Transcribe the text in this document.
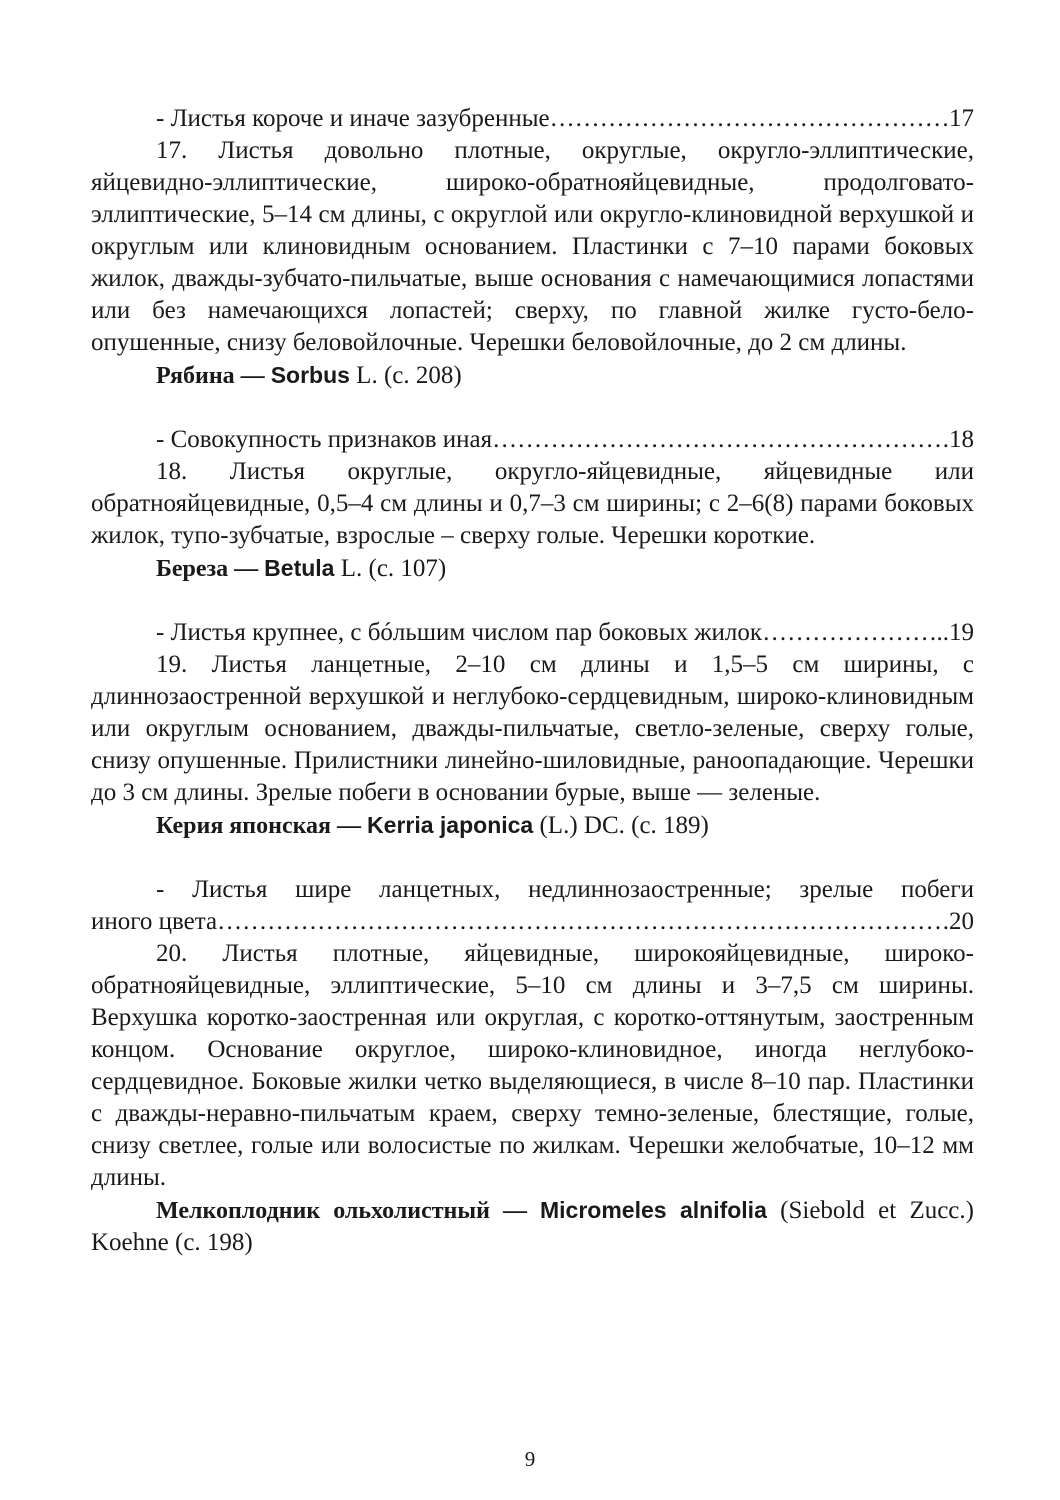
- Листья короче и иначе зазубренные …………………………………………………………………………………………………………	17

17. Листья довольно плотные, округлые, округло-эллиптические, яйцевидно-эллиптические, широко-обратнояйцевидные, продолговато-эллиптические, 5–14 см длины, с округлой или округло-клиновидной верхушкой и округлым или клиновидным основанием. Пластинки с 7–10 парами боковых жилок, дважды-зубчато-пильчатые, выше основания с намечающимися лопастями или без намечающихся лопастей; сверху, по главной жилке густо-бело-опушенные, снизу беловойлочные. Черешки беловойлочные, до 2 см длины.

Рябина — Sorbus L. (с. 208)

- Совокупность признаков иная …………………………………………………………………………………………………………	.18

18. Листья округлые, округло-яйцевидные, яйцевидные или обратнояйцевидные, 0,5–4 см длины и 0,7–3 см ширины; с 2–6(8) парами боковых жилок, тупо-зубчатые, взрослые – сверху голые. Черешки короткие.

Береза — Betula L. (с. 107)

- Листья крупнее, с бóльшим числом пар боковых жилок …………………………………………………………………………………………………………	..19

19. Листья ланцетные, 2–10 см длины и 1,5–5 см ширины, с длиннозаостренной верхушкой и неглубоко-сердцевидным, широко-клиновидным или округлым основанием, дважды-пильчатые, светло-зеленые, сверху голые, снизу опушенные. Прилистники линейно-шиловидные, раноопадающие. Черешки до 3 см длины. Зрелые побеги в основании бурые, выше — зеленые.

Керия японская — Kerria japonica (L.) DC. (с. 189)

- Листья шире ланцетных, недлиннозаостренные; зрелые побеги

иного цвета …………………………………………………………………………………………………………	.20

20. Листья плотные, яйцевидные, широкояйцевидные, широко-обратнояйцевидные, эллиптические, 5–10 см длины и 3–7,5 см ширины. Верхушка коротко-заостренная или округлая, с коротко-оттянутым, заостренным концом. Основание округлое, широко-клиновидное, иногда неглубоко-сердцевидное. Боковые жилки четко выделяющиеся, в числе 8–10 пар. Пластинки с дважды-неравно-пильчатым краем, сверху темно-зеленые, блестящие, голые, снизу светлее, голые или волосистые по жилкам. Черешки желобчатые, 10–12 мм длины.

Мелкоплодник ольхолистный — Micromeles alnifolia (Siebold et Zucc.) Koehne (с. 198)

9
